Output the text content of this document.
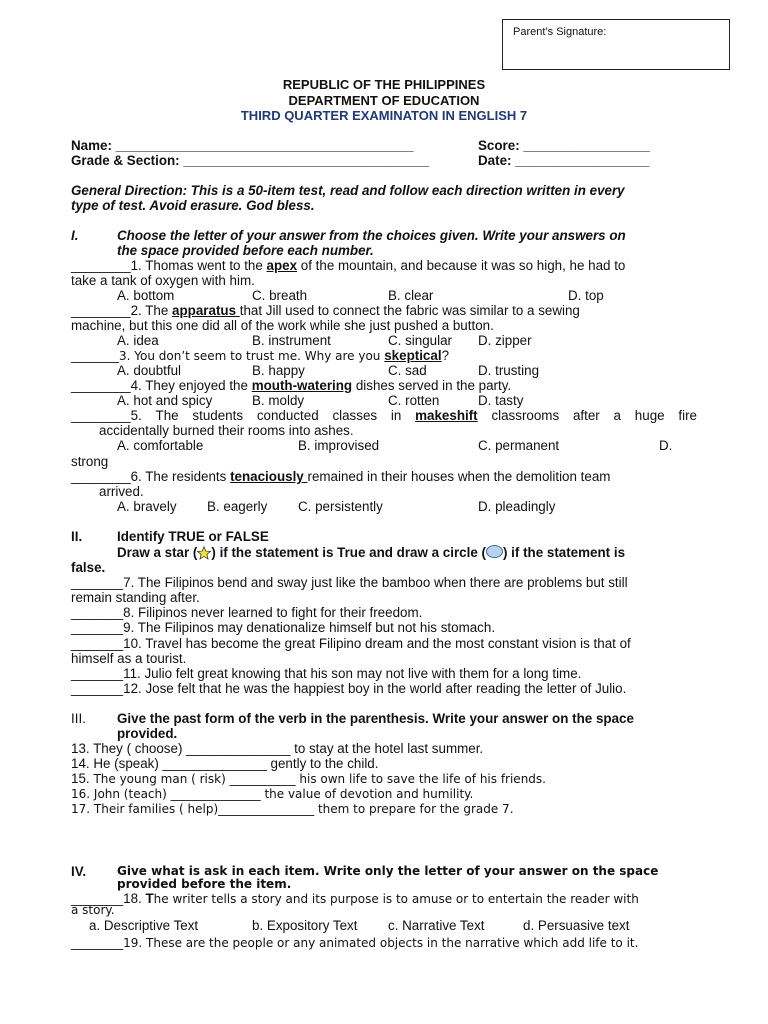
Parent’s Signature:
REPUBLIC OF THE PHILIPPINES
DEPARTMENT OF EDUCATION
THIRD QUARTER EXAMINATON IN ENGLISH 7
Name: ________________________________________	Score: _________________
Grade & Section: _________________________________	Date: __________________
General Direction: This is a 50-item test, read and follow each direction written in every
type of test. Avoid erasure. God bless.
I.	Choose the letter of your answer from the choices given. Write your answers on
the space provided before each number.
________1. Thomas went to the apex of the mountain, and because it was so high, he had to
take a tank of oxygen with him.
A. bottom	C. breath	B. clear	D. top
________2. The apparatus that Jill used to connect the fabric was similar to a sewing
machine, but this one did all of the work while she just pushed a button.
A. idea	B. instrument	C. singular D. zipper
________3. You don’t seem to trust me. Why are you skeptical?
A. doubtful	B. happy	C. sad	D. trusting
________4. They enjoyed the mouth-watering dishes served in the party.
A. hot and spicy	B. moldy	C. rotten	D. tasty
________5. The students conducted classes in makeshift classrooms after a huge fire
accidentally burned their rooms into ashes.
A. comfortable	B. improvised	C. permanent	D.
strong
________6. The residents tenaciously remained in their houses when the demolition team
arrived.
A. bravely B. eagerly C. persistently	D. pleadingly
II.	Identify TRUE or FALSE
Draw a star ( ) if the statement is True and draw a circle ( ) if the statement is
false.
_______7. The Filipinos bend and sway just like the bamboo when there are problems but still
remain standing after.
_______8. Filipinos never learned to fight for their freedom.
_______9. The Filipinos may denationalize himself but not his stomach.
_______10. Travel has become the great Filipino dream and the most constant vision is that of
himself as a tourist.
_______11. Julio felt great knowing that his son may not live with them for a long time.
_______12. Jose felt that he was the happiest boy in the world after reading the letter of Julio.
III. Give the past form of the verb in the parenthesis. Write your answer on the space
provided.
13. They ( choose) ______________ to stay at the hotel last summer.
14. He (speak) ______________ gently to the child.
15. The young man ( risk) ___________ his own life to save the life of his friends.
16. John (teach) _______________ the value of devotion and humility.
17. Their families ( help)________________ them to prepare for the grade 7.
IV.	Give what is ask in each item. Write only the letter of your answer on the space
provided before the item.
_______18. The writer tells a story and its purpose is to amuse or to entertain the reader with
a story.
a. Descriptive Text	b. Expository Text c. Narrative Text	d. Persuasive text
_______19. These are the people or any animated objects in the narrative which add life to it.
